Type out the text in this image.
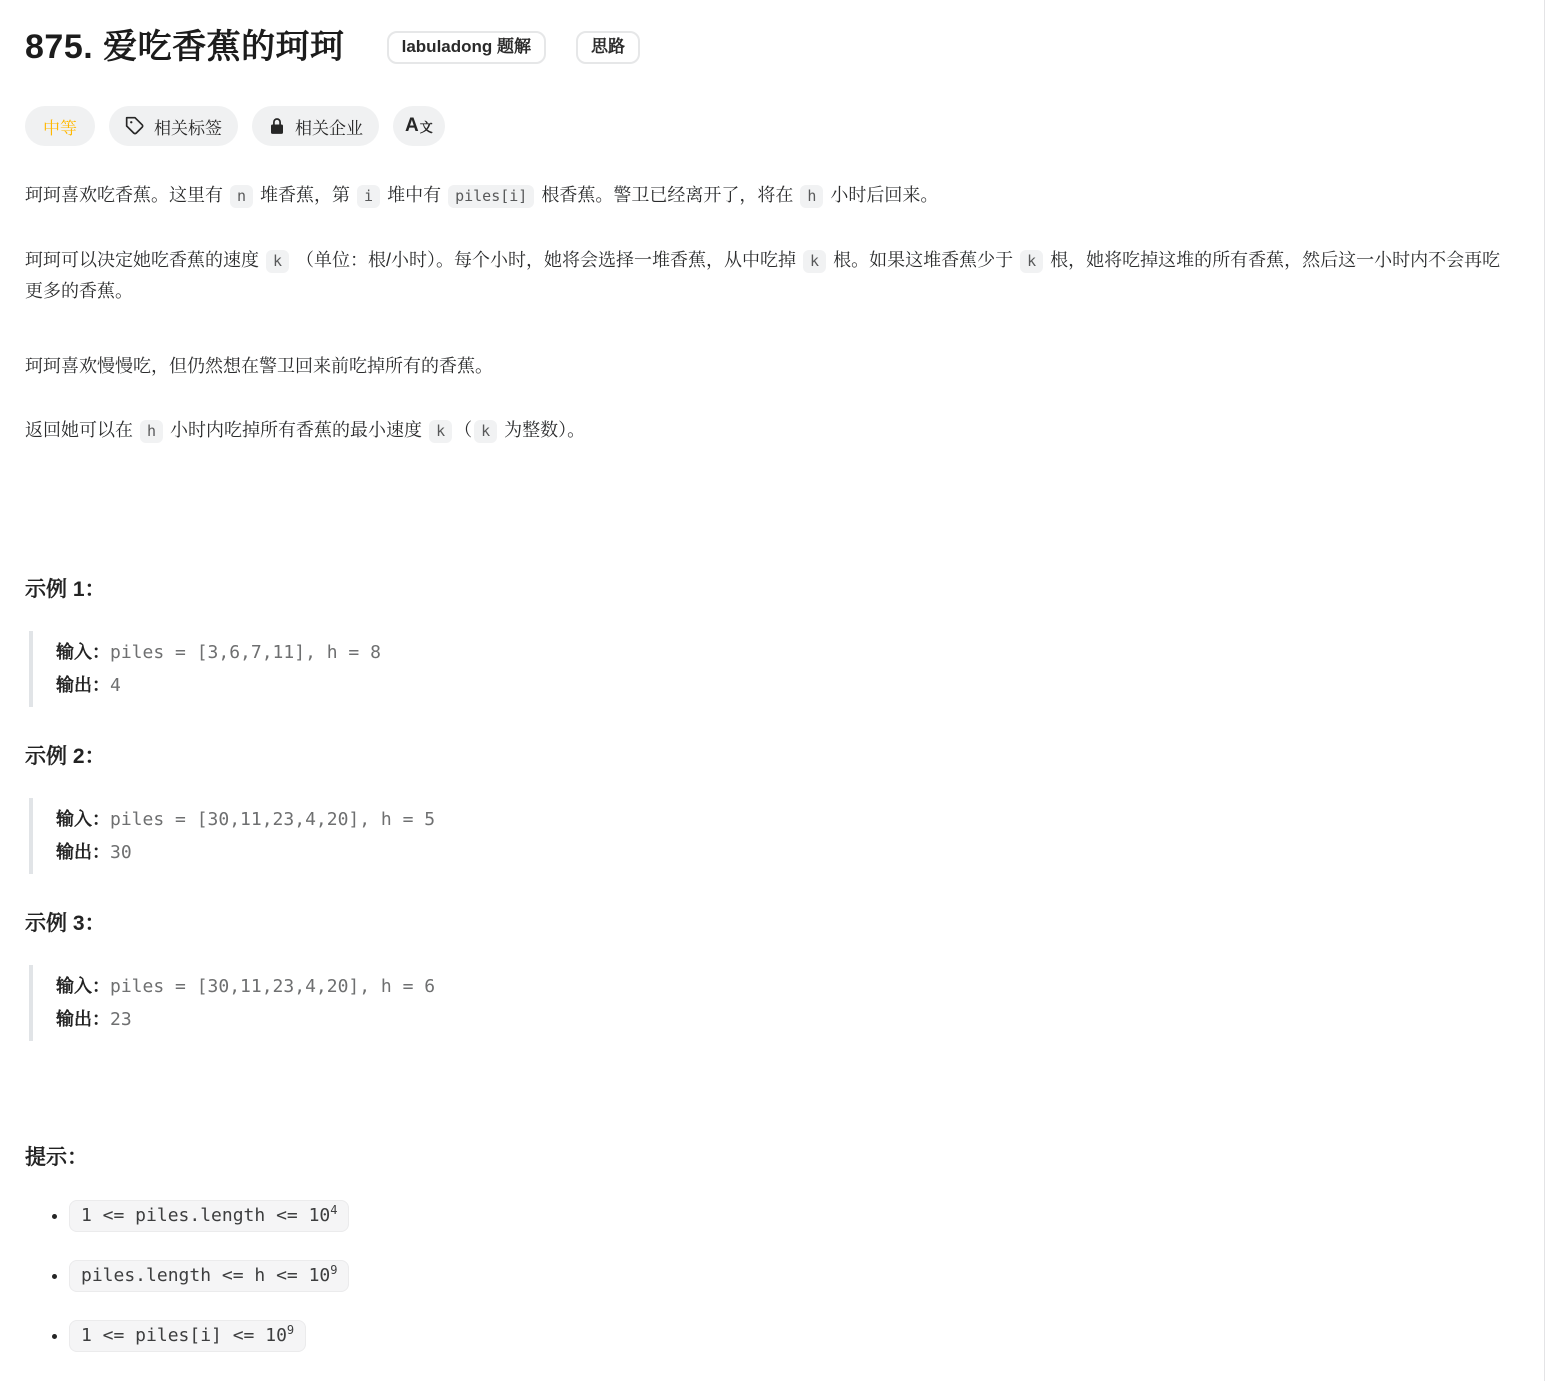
875. 爱吃香蕉的珂珂	labuladong 题解	思路
中等	相关标签	相关企业 A文

珂珂喜欢吃香蕉。这里有 n 堆香蕉，第 i 堆中有 piles[i] 根香蕉。警卫已经离开了，将在 h 小时后回来。

珂珂可以决定她吃香蕉的速度 k （单位：根/小时）。每个小时，她将会选择一堆香蕉，从中吃掉 k 根。如果这堆香蕉少于 k 根，她将吃掉这堆的所有香蕉，然后这一小时内不会再吃更多的香蕉。

珂珂喜欢慢慢吃，但仍然想在警卫回来前吃掉所有的香蕉。

返回她可以在 h 小时内吃掉所有香蕉的最小速度 k （ k 为整数）。

示例 1：
输入：piles = [3,6,7,11], h = 8
输出：4
示例 2：
输入：piles = [30,11,23,4,20], h = 5
输出：30
示例 3：
输入：piles = [30,11,23,4,20], h = 6
输出：23
提示：
• 1 <= piles.length <= $10^4$
• piles.length <= $h <= 10^9$
• 1 <= piles[i] <= $10^9$
